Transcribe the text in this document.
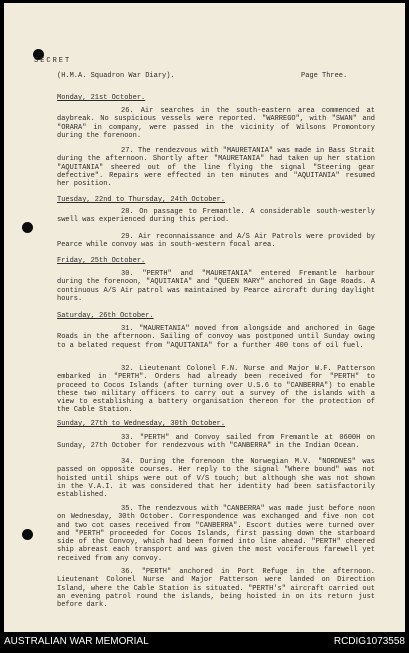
SECRET
(H.M.A. Squadron War Diary).	Page Three.
Monday, 21st October.
26. Air searches in the south-eastern area commenced at daybreak. No suspicious vessels were reported. "WARREGO", with "SWAN" and "ORARA" in company, were passed in the vicinity of Wilsons Promontory during the forenoon.
27. The rendezvous with "MAURETANIA" was made in Bass Strait during the afternoon. Shortly after "MAURETANIA" had taken up her station "AQUITANIA" sheered out of the line flying the signal "Steering gear defective". Repairs were effected in ten minutes and "AQUITANIA" resumed her position.
Tuesday, 22nd to Thursday, 24th October.
28. On passage to Fremantle. A considerable south-westerly swell was experienced during this period.
29. Air reconnaissance and A/S Air Patrols were provided by Pearce while convoy was in south-western focal area.
Friday, 25th October.
30. "PERTH" and "MAURETANIA" entered Fremantle harbour during the forenoon, "AQUITANIA" and "QUEEN MARY" anchored in Gage Roads. A continuous A/S Air patrol was maintained by Pearce aircraft during daylight hours.
Saturday, 26th October.
31. "MAURETANIA" moved from alongside and anchored in Gage Roads in the afternoon. Sailing of convoy was postponed until Sunday owing to a belated request from "AQUITANIA" for a further 400 tons of oil fuel.
32. Lieutenant Colonel F.N. Nurse and Major W.F. Patterson embarked in "PERTH". Orders had already been received for "PERTH" to proceed to Cocos Islands (after turning over U.S.6 to "CANBERRA") to enable these two military officers to carry out a survey of the islands with a view to establishing a battery organisation thereon for the protection of the Cable Station.
Sunday, 27th to Wednesday, 30th October.
33. "PERTH" and Convoy sailed from Fremantle at 0600H on Sunday, 27th October for rendezvous with "CANBERRA" in the Indian Ocean.
34. During the forenoon the Norwegian M.V. "NORDNES" was passed on opposite courses. Her reply to the signal "Where bound" was not hoisted until ships were out of V/S touch; but although she was not shown in the V.A.I. it was considered that her identity had been satisfactorily established.
35. The rendezvous with "CANBERRA" was made just before noon on Wednesday, 30th October. Correspondence was exchanged and five non cot and two cot cases received from "CANBERRA". Escort duties were turned over and "PERTH" proceeded for Cocos Islands, first passing down the starboard side of the Convoy, which had been formed into line ahead. "PERTH" cheered ship abreast each transport and was given the most vociferous farewell yet received from any convoy.
36. "PERTH" anchored in Port Refuge in the afternoon. Lieutenant Colonel Nurse and Major Patterson were landed on Direction Island, where the Cable Station is situated. "PERTH's" aircraft carried out an evening patrol round the islands, being hoisted in on its return just before dark.
AUSTRALIAN WAR MEMORIAL	RCDIG1073558
